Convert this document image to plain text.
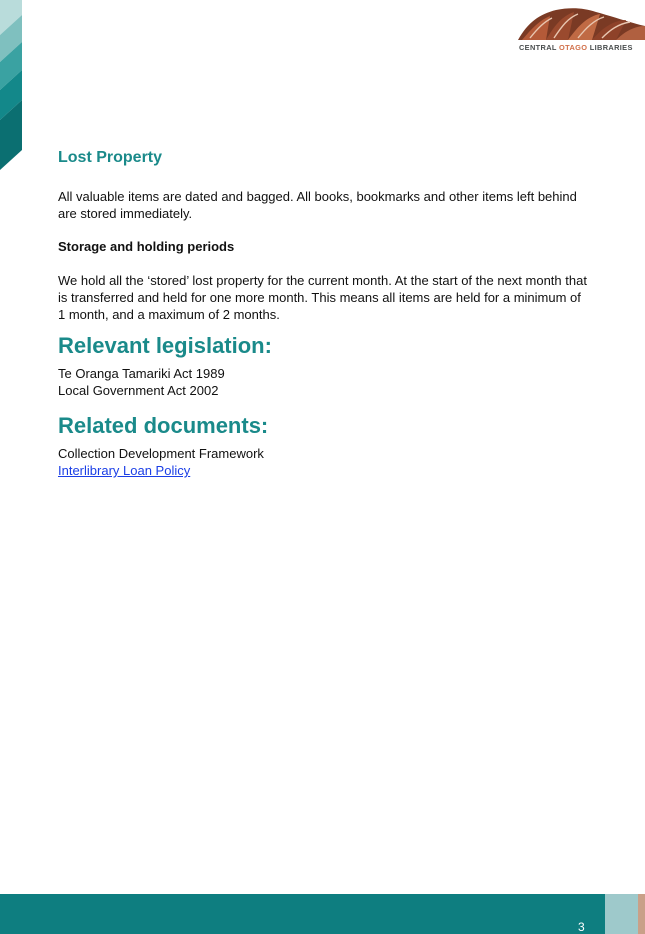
CENTRAL OTAGO LIBRARIES
Lost Property

All valuable items are dated and bagged. All books, bookmarks and other items left behind are stored immediately.

Storage and holding periods

We hold all the ‘stored’ lost property for the current month. At the start of the next month that
is transferred and held for one more month. This means all items are held for a minimum of
1 month, and a maximum of 2 months.

Relevant legislation:
Te Oranga Tamariki Act 1989
Local Government Act 2002
Related documents:
Collection Development Framework
Interlibrary Loan Policy
3
